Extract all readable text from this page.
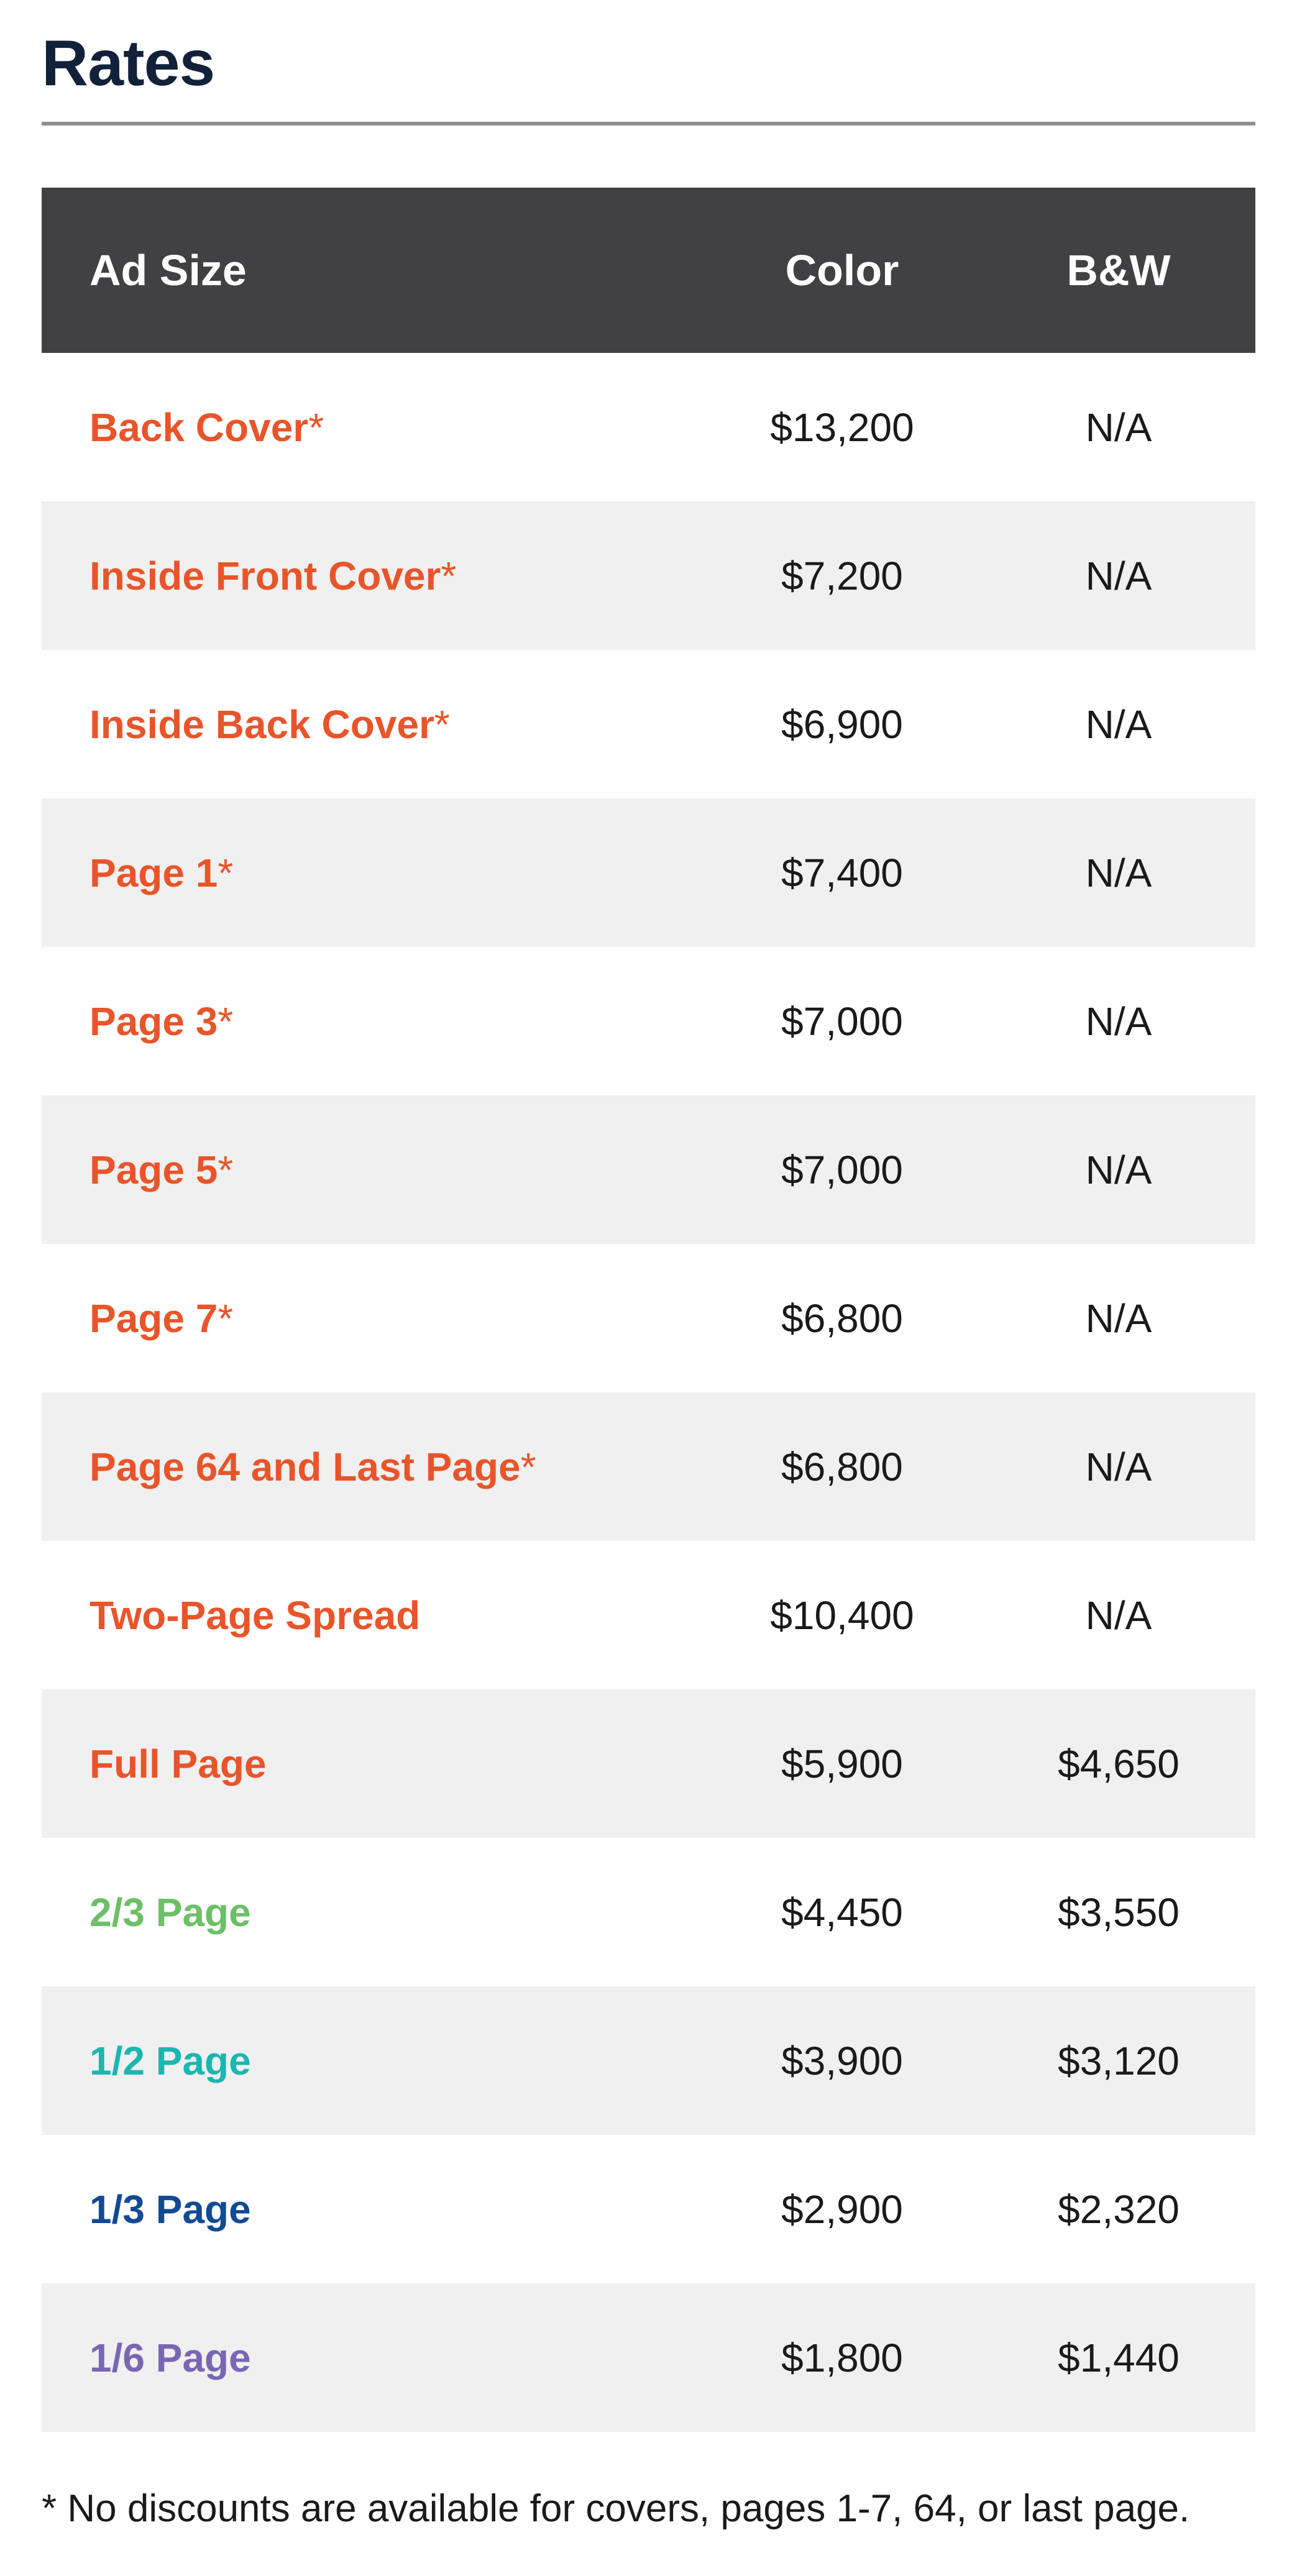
Rates
Ad Size	Color	B&W
Back Cover*	$13,200	N/A
Inside Front Cover*	$7,200	N/A
Inside Back Cover*	$6,900	N/A
Page 1*	$7,400	N/A
Page 3*	$7,000	N/A
Page 5*	$7,000	N/A
Page 7*	$6,800	N/A
Page 64 and Last Page*	$6,800	N/A
Two-Page Spread	$10,400	N/A
Full Page	$5,900	$4,650
2/3 Page	$4,450	$3,550
1/2 Page	$3,900	$3,120
1/3 Page	$2,900	$2,320
1/6 Page	$1,800	$1,440
* No discounts are available for covers, pages 1-7, 64, or last page.
